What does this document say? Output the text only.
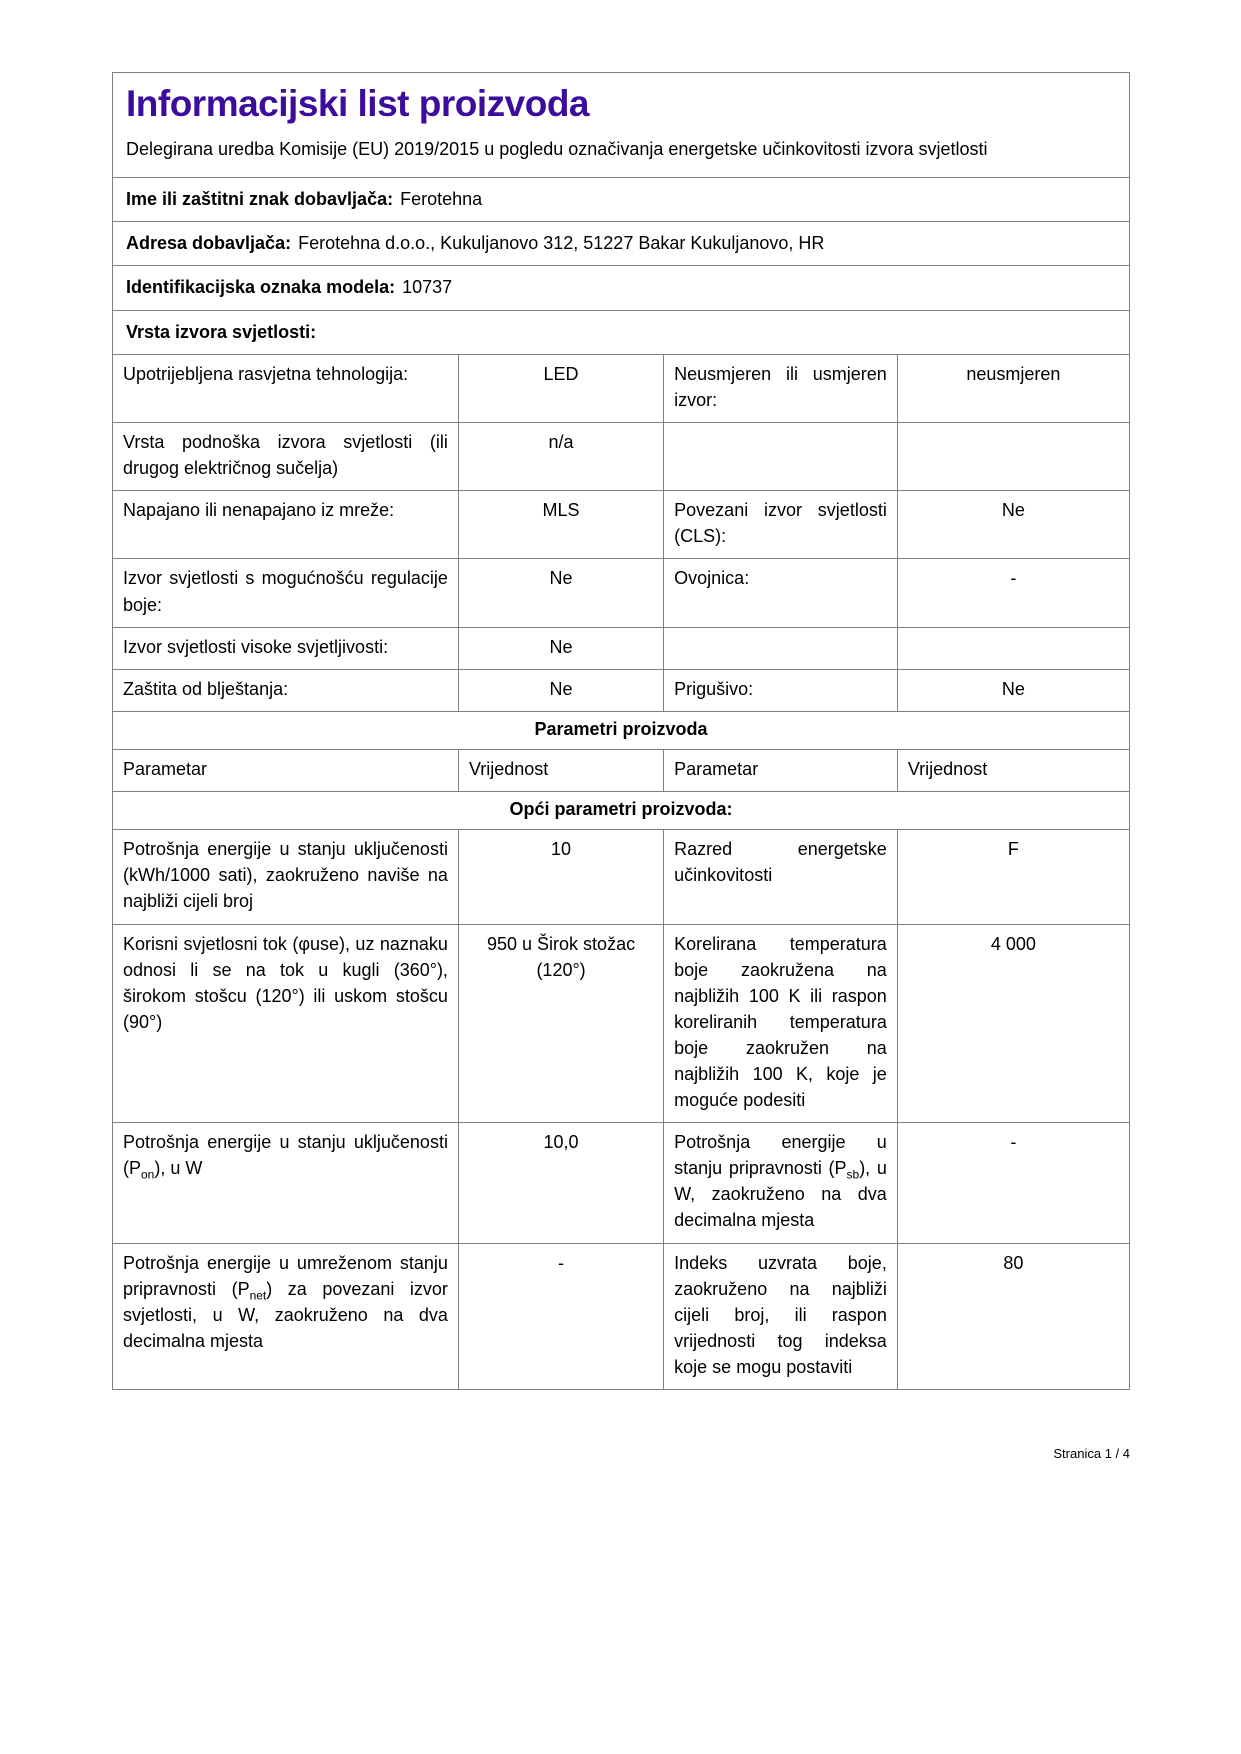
Informacijski list proizvoda

Delegirana uredba Komisije (EU) 2019/2015 u pogledu označivanja energetske učinkovitosti izvora svjetlosti

Ime ili zaštitni znak dobavljača: Ferotehna
Adresa dobavljača: Ferotehna d.o.o., Kukuljanovo 312, 51227 Bakar Kukuljanovo, HR
Identifikacijska oznaka modela: 10737
Vrsta izvora svjetlosti:
Upotrijebljena rasvjetna tehnologija:	LED	Neusmjeren ili usmjeren izvor:	neusmjeren
Vrsta podnoška izvora svjetlosti (ili drugog električnog sučelja)	n/a		
Napajano ili nenapajano iz mreže:	MLS	Povezani izvor svjetlosti (CLS):	Ne
Izvor svjetlosti s mogućnošću regulacije boje:	Ne	Ovojnica:	-
Izvor svjetlosti visoke svjetljivosti:	Ne		
Zaštita od blještanja:	Ne	Prigušivo:	Ne
Parametri proizvoda
Parametar	Vrijednost	Parametar	Vrijednost
Opći parametri proizvoda:
Potrošnja energije u stanju uključenosti (kWh/1000 sati), zaokruženo naviše na najbliži cijeli broj	10	Razred energetske učinkovitosti	F
Korisni svjetlosni tok (φuse), uz naznaku odnosi li se na tok u kugli (360°), širokom stošcu (120°) ili uskom stošcu (90°)	950 u Širok stožac (120°)	Korelirana temperatura boje zaokružena na najbližih 100 K ili raspon koreliranih temperatura boje zaokružen na najbližih 100 K, koje je moguće podesiti	4 000
Potrošnja energije u stanju uključenosti $(P_{on})$, u W	10,0	Potrošnja energije u stanju pripravnosti $(P_{sb})$, u W, zaokruženo na dva decimalna mjesta	-
Potrošnja energije u umreženom stanju pripravnosti $(P_{net})$ za povezani izvor svjetlosti, u W, zaokruženo na dva decimalna mjesta	-	Indeks uzvrata boje, zaokruženo na najbliži cijeli broj, ili raspon vrijednosti tog indeksa koje se mogu postaviti	80
Stranica 1 / 4
